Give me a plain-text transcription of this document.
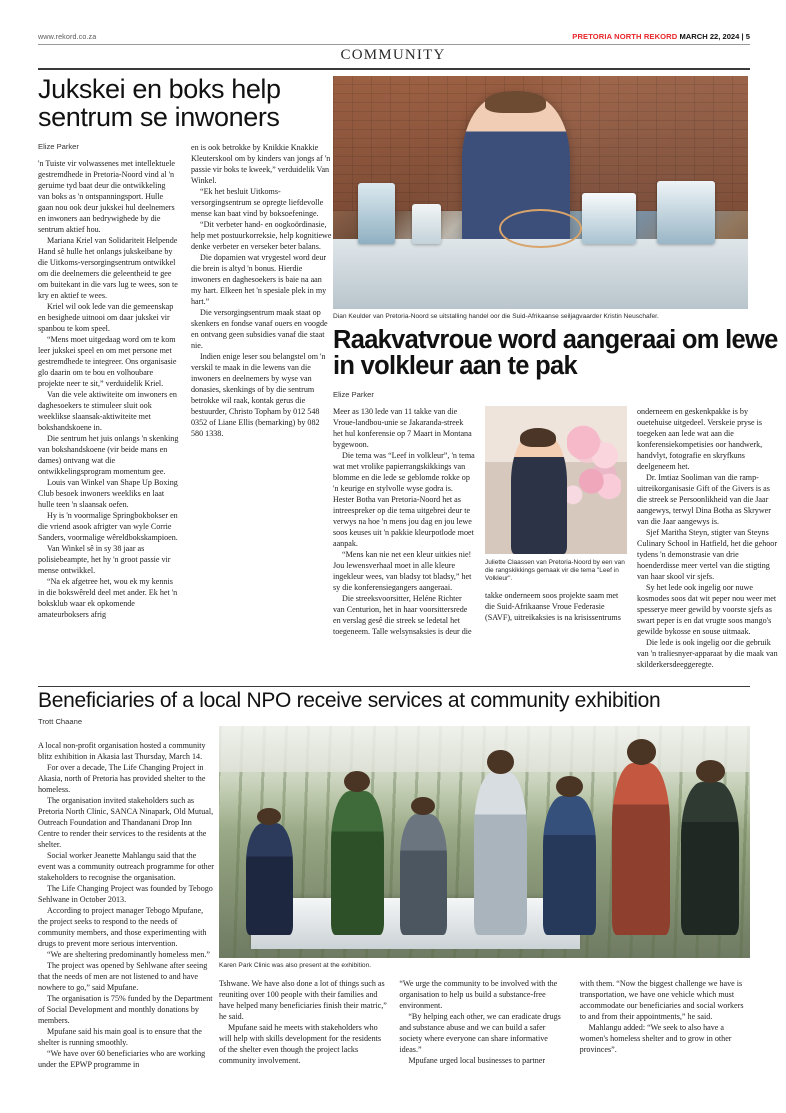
www.rekord.co.za	PRETORIA NORTH REKORD MARCH 22, 2024 | 5
COMMUNITY
Jukskei en boks help sentrum se inwoners
Elize Parker

'n Tuiste vir volwassenes met intellektuele gestremdhede in Pretoria-Noord vind al 'n geruime tyd baat deur die ontwikkeling van boks as 'n ontspanningsport. Hulle gaan nou ook deur jukskei hul deelnemers en inwoners aan bedrywighede by die sentrum aktief hou.

Mariana Kriel van Solidariteit Helpende Hand sê hulle het onlangs jukskeibane by die Uitkoms-versorgingsentrum ontwikkel om die deelnemers die geleentheid te gee om buitekant in die vars lug te wees, son te kry en aktief te wees.

Kriel wil ook lede van die gemeenskap en besighede uitnooi om daar jukskei vir spanbou te kom speel.

“Mens moet uitgedaag word om te kom leer jukskei speel en om met persone met gestremdhede te integreer. Ons organisasie glo daarin om te bou en volhoubare projekte neer te sit,” verduidelik Kriel.

Van die vele aktiwiteite om inwoners en daghesoekers te stimuleer sluit ook weeklikse slaansak-aktiwiteite met bokshandskoene in.

Die sentrum het juis onlangs 'n skenking van bokshandskoene (vir beide mans en dames) ontvang wat die ontwikkelingsprogram momentum gee.

Louis van Winkel van Shape Up Boxing Club besoek inwoners weekliks en laat hulle teen 'n slaansak oefen.

Hy is 'n voormalige Springbokbokser en die vriend asook afrigter van wyle Corrie Sanders, voormalige wêreldbokskampioen.

Van Winkel sê in sy 38 jaar as polisiebeampte, het hy 'n groot passie vir mense ontwikkel.

“Na ek afgetree het, wou ek my kennis in die bokswêreld deel met ander. Ek het 'n boksklub waar ek opkomende amateurboksers afrig

en is ook betrokke by Knikkie Knakkie Kleuterskool om by kinders van jongs af 'n passie vir boks te kweek,” verduidelik Van Winkel.

“Ek het besluit Uitkoms-versorgingsentrum se opregte liefdevolle mense kan baat vind by boksoefeninge.

“Dit verbeter hand- en oogkoördinasie, help met postuurkorreksie, help kognitiewe denke verbeter en verseker beter balans.

Die dopamien wat vrygestel word deur die brein is altyd 'n bonus. Hierdie inwoners en daghesoekers is baie na aan my hart. Elkeen het 'n spesiale plek in my hart.”

Die versorgingsentrum maak staat op skenkers en fondse vanaf ouers en voogde en ontvang geen subsidies vanaf die staat nie.

Indien enige leser sou belangstel om 'n verskil te maak in die lewens van die inwoners en deelnemers by wyse van donasies, skenkings of by die sentrum betrokke wil raak, kontak gerus die bestuurder, Christo Topham by 012 548 0352 of Liane Ellis (bemarking) by 082 580 1338.

Dian Keulder van Pretoria-Noord se uitstalling handel oor die Suid-Afrikaanse seiljagvaarder Kristin Neuschafer.
Raakvatvroue word aangeraai om lewe in volkleur aan te pak
Elize Parker

Meer as 130 lede van 11 takke van die Vroue-landbou-unie se Jakaranda-streek het hul konferensie op 7 Maart in Montana bygewoon.

Die tema was “Leef in volkleur”, 'n tema wat met vrolike papierrangskikkings van blomme en die lede se geblomde rokke op 'n keurige en stylvolle wyse godra is. Hester Botha van Pretoria-Noord het as intreespreker op die tema uitgebrei deur te verwys na hoe 'n mens jou dag en jou lewe soos keuses uit 'n pakkie kleurpotlode moet aanpak.

“Mens kan nie net een kleur uitkies nie! Jou lewensverhaal moet in alle kleure ingekleur wees, van bladsy tot bladsy,” het sy die konferensiegangers aangeraai.

Die streeksvoorsitter, Heléne Richter van Centurion, het in haar voorsittersrede en verslag gesê die streek se ledetal het toegeneem. Talle welsynsaksies is deur die

Juliette Claassen van Pretoria-Noord by een van die rangskikkings gemaak vir die tema "Leef in Volkleur".

takke onderneem soos projekte saam met die Suid-Afrikaanse Vroue Federasie (SAVF), uitreikaksies is na krisissentrums

onderneem en geskenkpakke is by ouetehuise uitgedeel. Verskeie pryse is toegeken aan lede wat aan die konferensiekompetisies oor handwerk, handvlyt, fotografie en skryfkuns deelgeneem het.

Dr. Imtiaz Sooliman van die ramp-uitreikorganisasie Gift of the Givers is as die streek se Persoonlikheid van die Jaar aangewys, terwyl Dina Botha as Skrywer van die Jaar aangewys is.

Sjef Maritha Steyn, stigter van Steyns Culinary School in Hatfield, het die gehoor tydens 'n demonstrasie van drie hoenderdisse meer vertel van die stigting van haar skool vir sjefs.

Sy het lede ook ingelig oor nuwe kosmodes soos dat wit peper nou weer met spesserye meer gewild by voorste sjefs as swart peper is en dat vrugte soos mango's gewilde bykosse en souse uitmaak.

Die lede is ook ingelig oor die gebruik van 'n traliesnyer-apparaat by die maak van skilderkersdeeggeregte.

Beneficiaries of a local NPO receive services at community exhibition
Trott Chaane

A local non-profit organisation hosted a community blitz exhibition in Akasia last Thursday, March 14.

For over a decade, The Life Changing Project in Akasia, north of Pretoria has provided shelter to the homeless.

The organisation invited stakeholders such as Pretoria North Clinic, SANCA Ninapark, Old Mutual, Outreach Foundation and Thandanani Drop Inn Centre to render their services to the residents at the shelter.

Social worker Jeanette Mahlangu said that the event was a community outreach programme for other stakeholders to recognise the organisation.

The Life Changing Project was founded by Tebogo Sehlwane in October 2013.

According to project manager Tebogo Mpufane, the project seeks to respond to the needs of community members, and those experimenting with drugs to prevent more serious intervention.

“We are sheltering predominantly homeless men.”

The project was opened by Sehlwane after seeing that the needs of men are not listened to and have nowhere to go,” said Mpufane.

The organisation is 75% funded by the Department of Social Development and monthly donations by members.

Mpufane said his main goal is to ensure that the shelter is running smoothly.

“We have over 60 beneficiaries who are working under the EPWP programme in

Karen Park Clinic was also present at the exhibition.

Tshwane. We have also done a lot of things such as reuniting over 100 people with their families and have helped many beneficiaries finish their matric,” he said.

Mpufane said he meets with stakeholders who will help with skills development for the residents of the shelter even though the project lacks community involvement.

“We urge the community to be involved with the organisation to help us build a substance-free environment.

“By helping each other, we can eradicate drugs and substance abuse and we can build a safer society where everyone can share informative ideas.”

Mpufane urged local businesses to partner

with them. “Now the biggest challenge we have is transportation, we have one vehicle which must accommodate our beneficiaries and social workers to and from their appointments,” he said.

Mahlangu added: “We seek to also have a women's homeless shelter and to grow in other provinces”.
